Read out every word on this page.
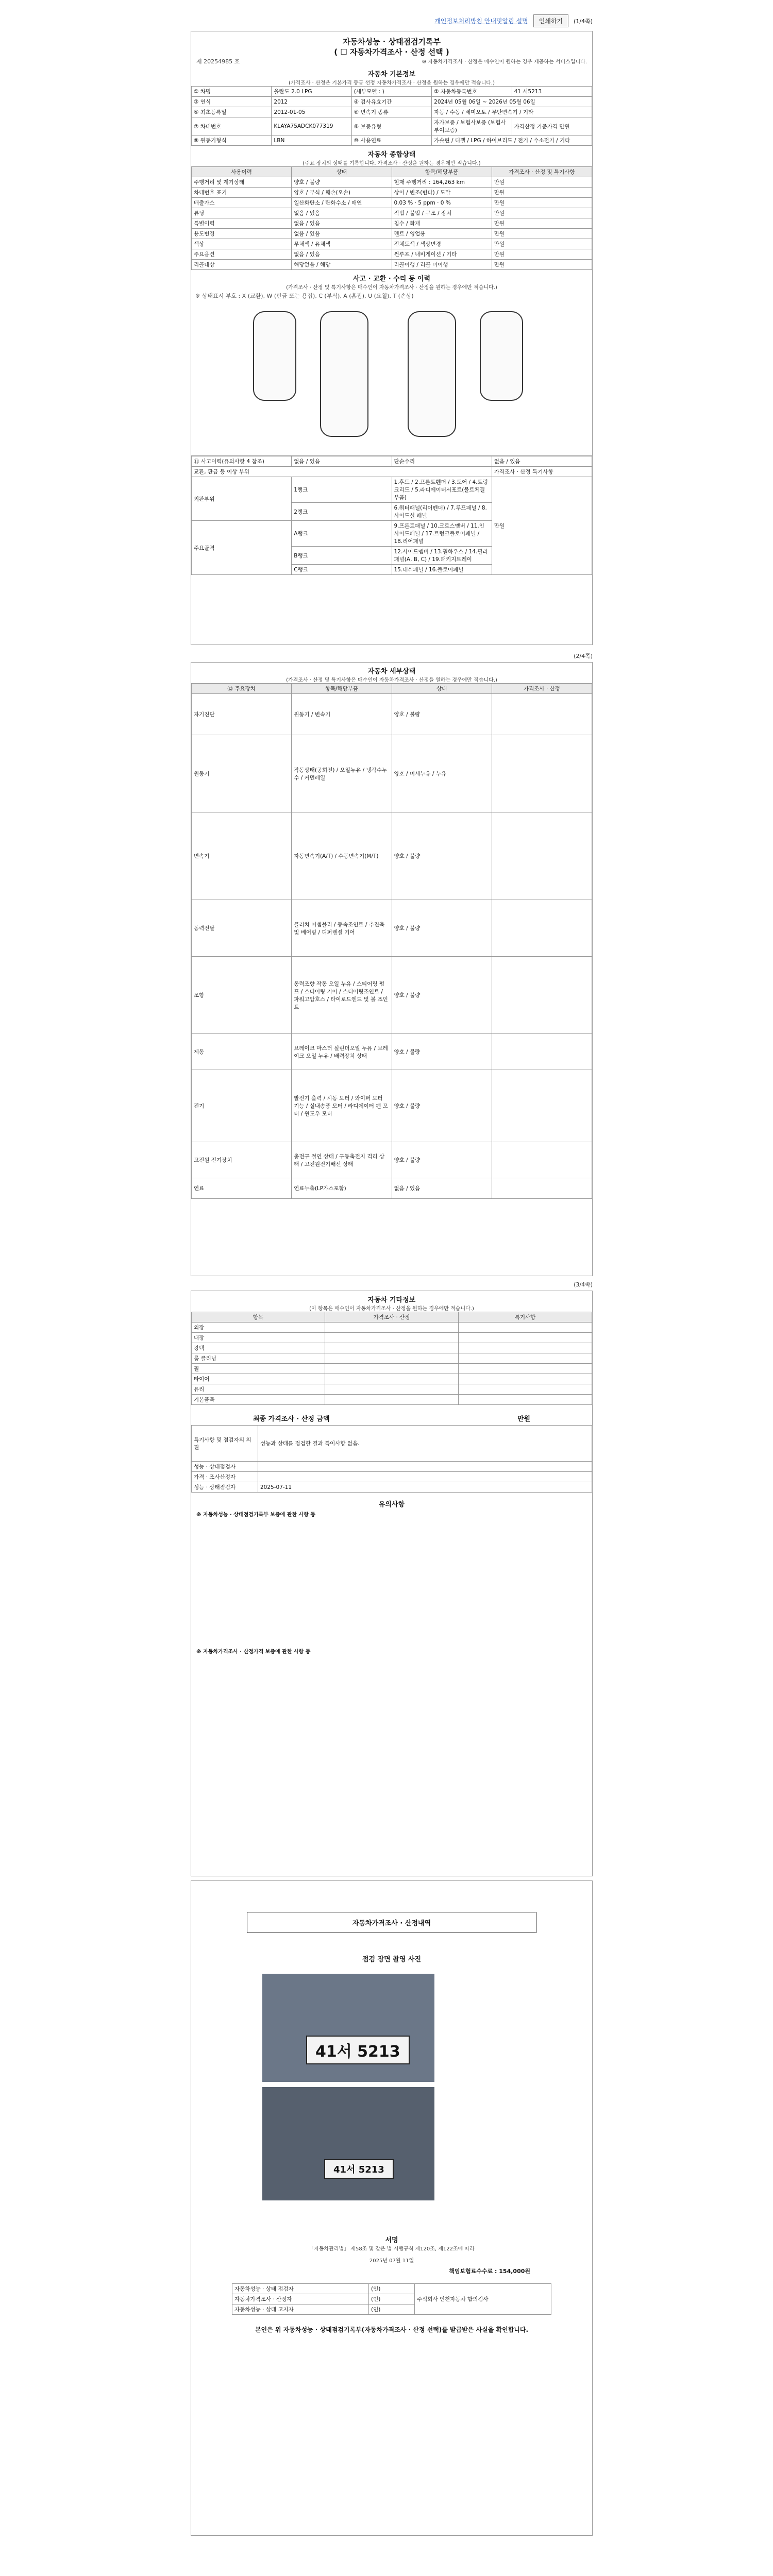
개인정보처리방침 안내및알림 설명	인쇄하기	(1/4쪽)
자동차성능 · 상태점검기록부
( ☐ 자동차가격조사 · 산정 선택 )
제 20254985 호	※ 자동차가격조사 · 산정은 매수인이 원하는 경우 제공하는 서비스입니다.
자동차 기본정보
(가격조사 · 산정은 기본가격 등급 선정 자동차가격조사 · 산정을 원하는 경우에만 적습니다.)
① 차명	올란도 2.0 LPG	(세부모델 : )	② 자동차등록번호	41 서5213
③ 연식	2012	④ 검사유효기간	2024년 05월 06일 ~ 2026년 05월 06일	
⑤ 최초등록일	2012-01-05	⑥ 변속기 종류	자동 / 수동 / 세미오토 / 무단변속기 / 기타	
⑦ 차대번호	KLAYA75ADCK077319	⑧ 보증유형	자가보증 / 보험사보증 (보험사부여보증)	가격산정 기준가격 만원
⑨ 원동기형식	LBN	⑩ 사용연료	가솔린 / 디젤 / LPG / 하이브리드 / 전기 / 수소전기 / 기타	
자동차 종합상태
(주요 장치의 상태를 기록합니다. 가격조사 · 산정을 원하는 경우에만 적습니다.)
사용이력	상태	항목/해당부품	가격조사 · 산정 및 특기사항
주행거리 및 계기상태	양호 / 불량	현재 주행거리 : 164,263 km	만원
차대번호 표기	양호 / 부식 / 훼손(오손)	상이 / 변조(변타) / 도말	만원
배출가스	일산화탄소 / 탄화수소 / 매연	0.03 % · 5 ppm · 0 %	만원
튜닝	없음 / 있음	적법 / 불법 / 구조 / 장치	만원
특별이력	없음 / 있음	침수 / 화재	만원
용도변경	없음 / 있음	렌트 / 영업용	만원
색상	무채색 / 유채색	전체도색 / 색상변경	만원
주요옵션	없음 / 있음	썬루프 / 내비게이션 / 기타	만원
리콜대상	해당없음 / 해당	리콜이행 / 리콜 미이행	만원
사고 · 교환 · 수리 등 이력
(가격조사 · 산정 및 특기사항은 매수인이 자동차가격조사 · 산정을 원하는 경우에만 적습니다.)
※ 상태표시 부호 : X (교환), W (판금 또는 용접), C (부식), A (흠집), U (요철), T (손상)
⑪ 사고이력(유의사항 4 참조)	없음 / 있음	단순수리	없음 / 있음
교환, 판금 등 이상 부위			가격조사 · 산정 특기사항
외판부위	1랭크	1.후드 / 2.프론트휀더 / 3.도어 / 4.트렁크리드 / 5.라디에이터서포트(볼트체결부품)	만원
	2랭크	6.쿼터패널(리어펜더) / 7.루프패널 / 8.사이드실 패널	
주요골격	A랭크	9.프론트패널 / 10.크로스멤버 / 11.인사이드패널 / 17.트렁크플로어패널 / 18.리어패널	
	B랭크	12.사이드멤버 / 13.휠하우스 / 14.필러패널(A, B, C) / 19.패키지트레이	
	C랭크	15.대쉬패널 / 16.플로어패널	
(2/4쪽)
자동차 세부상태
(가격조사 · 산정 및 특기사항은 매수인이 자동차가격조사 · 산정을 원하는 경우에만 적습니다.)
⑫ 주요장치	항목/해당부품	상태	가격조사 · 산정
자기진단	원동기 / 변속기	양호 / 불량	
원동기	작동상태(공회전) / 오일누유 / 냉각수누수 / 커먼레일	양호 / 미세누유 / 누유	
변속기	자동변속기(A/T) / 수동변속기(M/T)	양호 / 불량	
동력전달	클러치 어셈블리 / 등속조인트 / 추진축 및 베어링 / 디퍼렌셜 기어	양호 / 불량	
조향	동력조향 작동 오일 누유 / 스티어링 펌프 / 스티어링 기어 / 스티어링조인트 / 파워고압호스 / 타이로드엔드 및 볼 조인트	양호 / 불량	
제동	브레이크 마스터 실린더오일 누유 / 브레이크 오일 누유 / 배력장치 상태	양호 / 불량	
전기	발전기 출력 / 시동 모터 / 와이퍼 모터 기능 / 실내송풍 모터 / 라디에이터 팬 모터 / 윈도우 모터	양호 / 불량	
고전원 전기장치	충전구 절연 상태 / 구동축전지 격리 상태 / 고전원전기배선 상태	양호 / 불량	
연료	연료누출(LP가스포함)	없음 / 있음	
(3/4쪽)
자동차 기타정보
(이 항목은 매수인이 자동차가격조사 · 산정을 원하는 경우에만 적습니다.)
항목	가격조사 · 산정	특기사항
외장		
내장		
광택		
룸 클리닝		
휠		
타이어		
유리		
기본품목		
최종 가격조사 · 산정 금액	만원
특기사항 및 점검자의 의견	성능과 상태를 점검한 결과 특이사항 없음.
성능 · 상태점검자	
가격 · 조사산정자	
성능 · 상태점검자	2025-07-11
유의사항
※ 자동차성능 · 상태점검기록부 보증에 관한 사항 등
※ 자동차가격조사 · 산정가격 보증에 관한 사항 등
자동차가격조사 · 산정내역
점검 장면 촬영 사진
41서 5213
41서 5213
서명
「자동차관리법」 제58조 및 같은 법 시행규칙 제120조, 제122조에 따라
2025년 07월 11일
책임보험료수수료 : 154,000원
자동차성능 · 상태 점검자	(인)	주식회사 인천자동차 합의검사
자동차가격조사 · 산정자	(인)	
자동차성능 · 상태 고지자	(인)	
본인은 위 자동차성능 · 상태점검기록부(자동차가격조사 · 산정 선택)를 발급받은 사실을 확인합니다.
